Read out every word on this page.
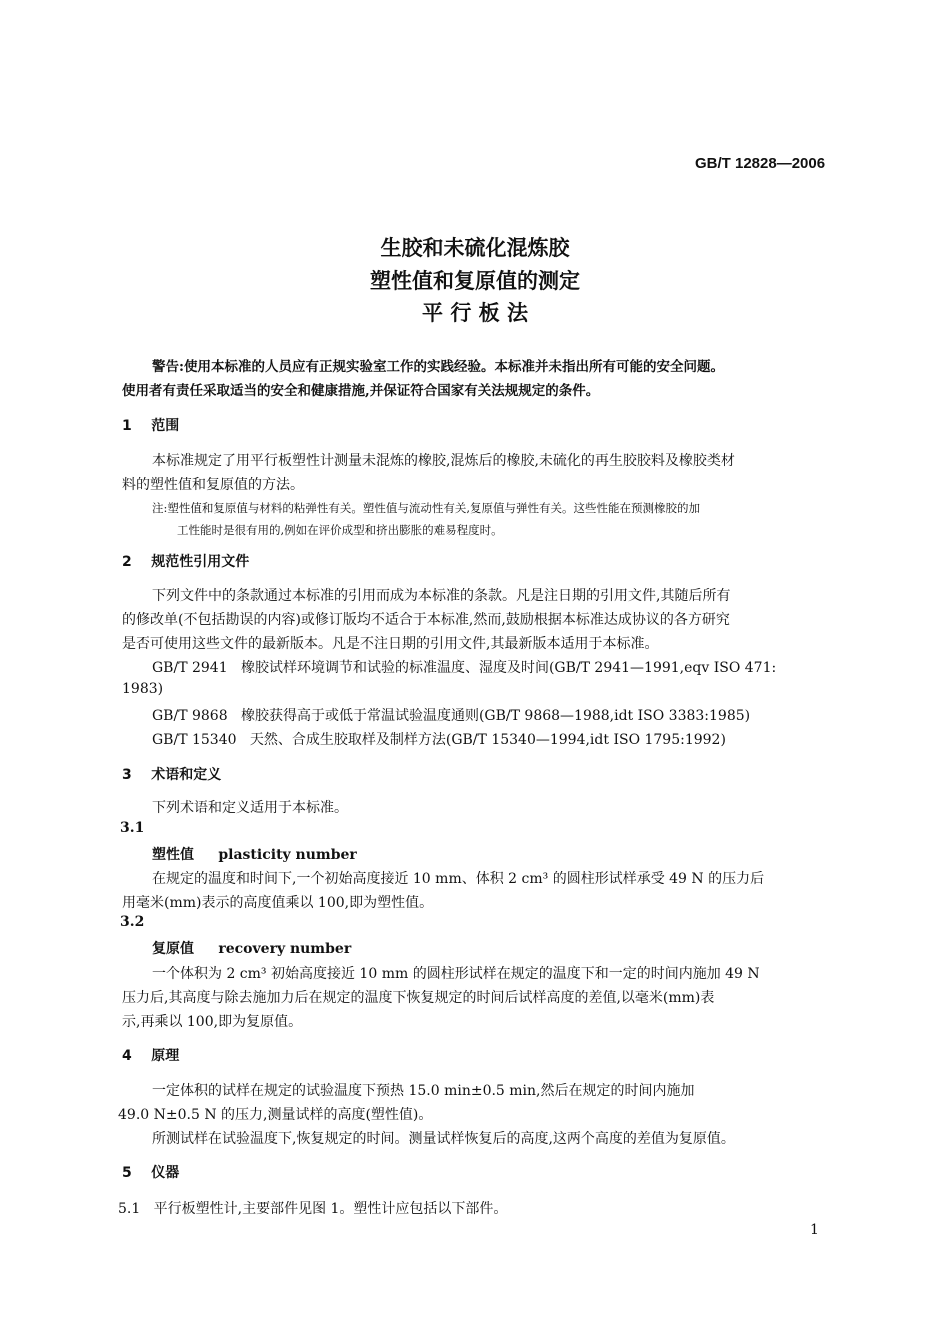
GB/T 12828—2006
生胶和未硫化混炼胶
塑性值和复原值的测定
平 行 板 法
警告:使用本标准的人员应有正规实验室工作的实践经验。本标准并未指出所有可能的安全问题。
使用者有责任采取适当的安全和健康措施,并保证符合国家有关法规规定的条件。
1 范围
本标准规定了用平行板塑性计测量未混炼的橡胶,混炼后的橡胶,未硫化的再生胶胶料及橡胶类材
料的塑性值和复原值的方法。
注:塑性值和复原值与材料的粘弹性有关。塑性值与流动性有关,复原值与弹性有关。这些性能在预测橡胶的加
工性能时是很有用的,例如在评价成型和挤出膨胀的难易程度时。
2 规范性引用文件
下列文件中的条款通过本标准的引用而成为本标准的条款。凡是注日期的引用文件,其随后所有
的修改单(不包括勘误的内容)或修订版均不适合于本标准,然而,鼓励根据本标准达成协议的各方研究
是否可使用这些文件的最新版本。凡是不注日期的引用文件,其最新版本适用于本标准。
GB/T 2941 橡胶试样环境调节和试验的标准温度、湿度及时间(GB/T 2941—1991,eqv ISO 471:
1983)
GB/T 9868 橡胶获得高于或低于常温试验温度通则(GB/T 9868—1988,idt ISO 3383:1985)
GB/T 15340 天然、合成生胶取样及制样方法(GB/T 15340—1994,idt ISO 1795:1992)
3 术语和定义
下列术语和定义适用于本标准。
3.1
塑性值 plasticity number
在规定的温度和时间下,一个初始高度接近 10 mm、体积 2 cm³ 的圆柱形试样承受 49 N 的压力后
用毫米(mm)表示的高度值乘以 100,即为塑性值。
3.2
复原值 recovery number
一个体积为 2 cm³ 初始高度接近 10 mm 的圆柱形试样在规定的温度下和一定的时间内施加 49 N
压力后,其高度与除去施加力后在规定的温度下恢复规定的时间后试样高度的差值,以毫米(mm)表
示,再乘以 100,即为复原值。
4 原理
一定体积的试样在规定的试验温度下预热 15.0 min±0.5 min,然后在规定的时间内施加
49.0 N±0.5 N 的压力,测量试样的高度(塑性值)。
所测试样在试验温度下,恢复规定的时间。测量试样恢复后的高度,这两个高度的差值为复原值。
5 仪器
5.1 平行板塑性计,主要部件见图 1。塑性计应包括以下部件。
1
